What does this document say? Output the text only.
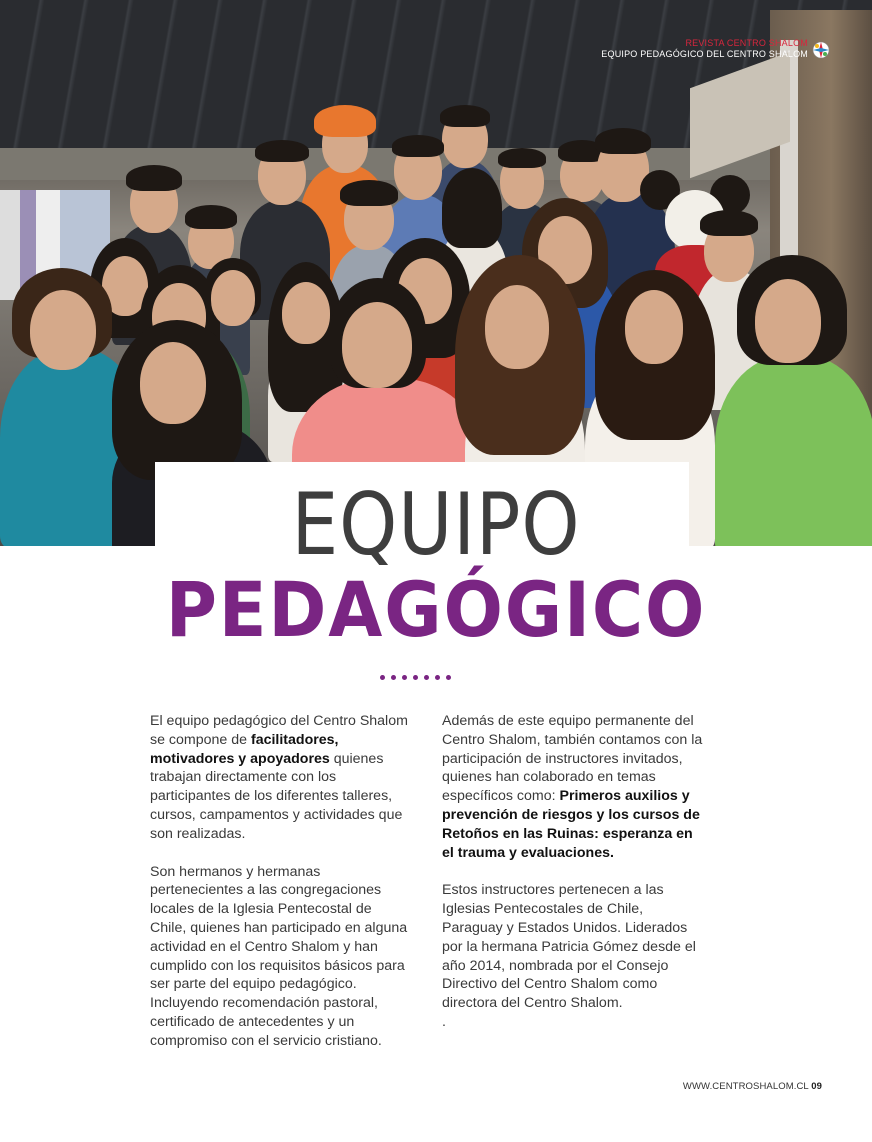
REVISTA CENTRO SHALOM
EQUIPO PEDAGÓGICO DEL CENTRO SHALOM
EQUIPO
PEDAGÓGICO

El equipo pedagógico del Centro Shalom se compone de facilitadores, motivadores y apoyadores quienes trabajan directamente con los participantes de los diferentes talleres, cursos, campamentos y actividades que son realizadas.

Son hermanos y hermanas pertenecientes a las congregaciones locales de la Iglesia Pentecostal de Chile, quienes han participado en alguna actividad en el Centro Shalom y han cumplido con los requisitos básicos para ser parte del equipo pedagógico. Incluyendo recomendación pastoral, certificado de antecedentes y un compromiso con el servicio cristiano.

Además de este equipo permanente del Centro Shalom, también contamos con la participación de instructores invitados, quienes han colaborado en temas específicos como: Primeros auxilios y prevención de riesgos y los cursos de Retoños en las Ruinas: esperanza en el trauma y evaluaciones.

Estos instructores pertenecen a las Iglesias Pentecostales de Chile, Paraguay y Estados Unidos. Liderados por la hermana Patricia Gómez desde el año 2014, nombrada por el Consejo Directivo del Centro Shalom como directora del Centro Shalom.

.

WWW.CENTROSHALOM.CL 09
